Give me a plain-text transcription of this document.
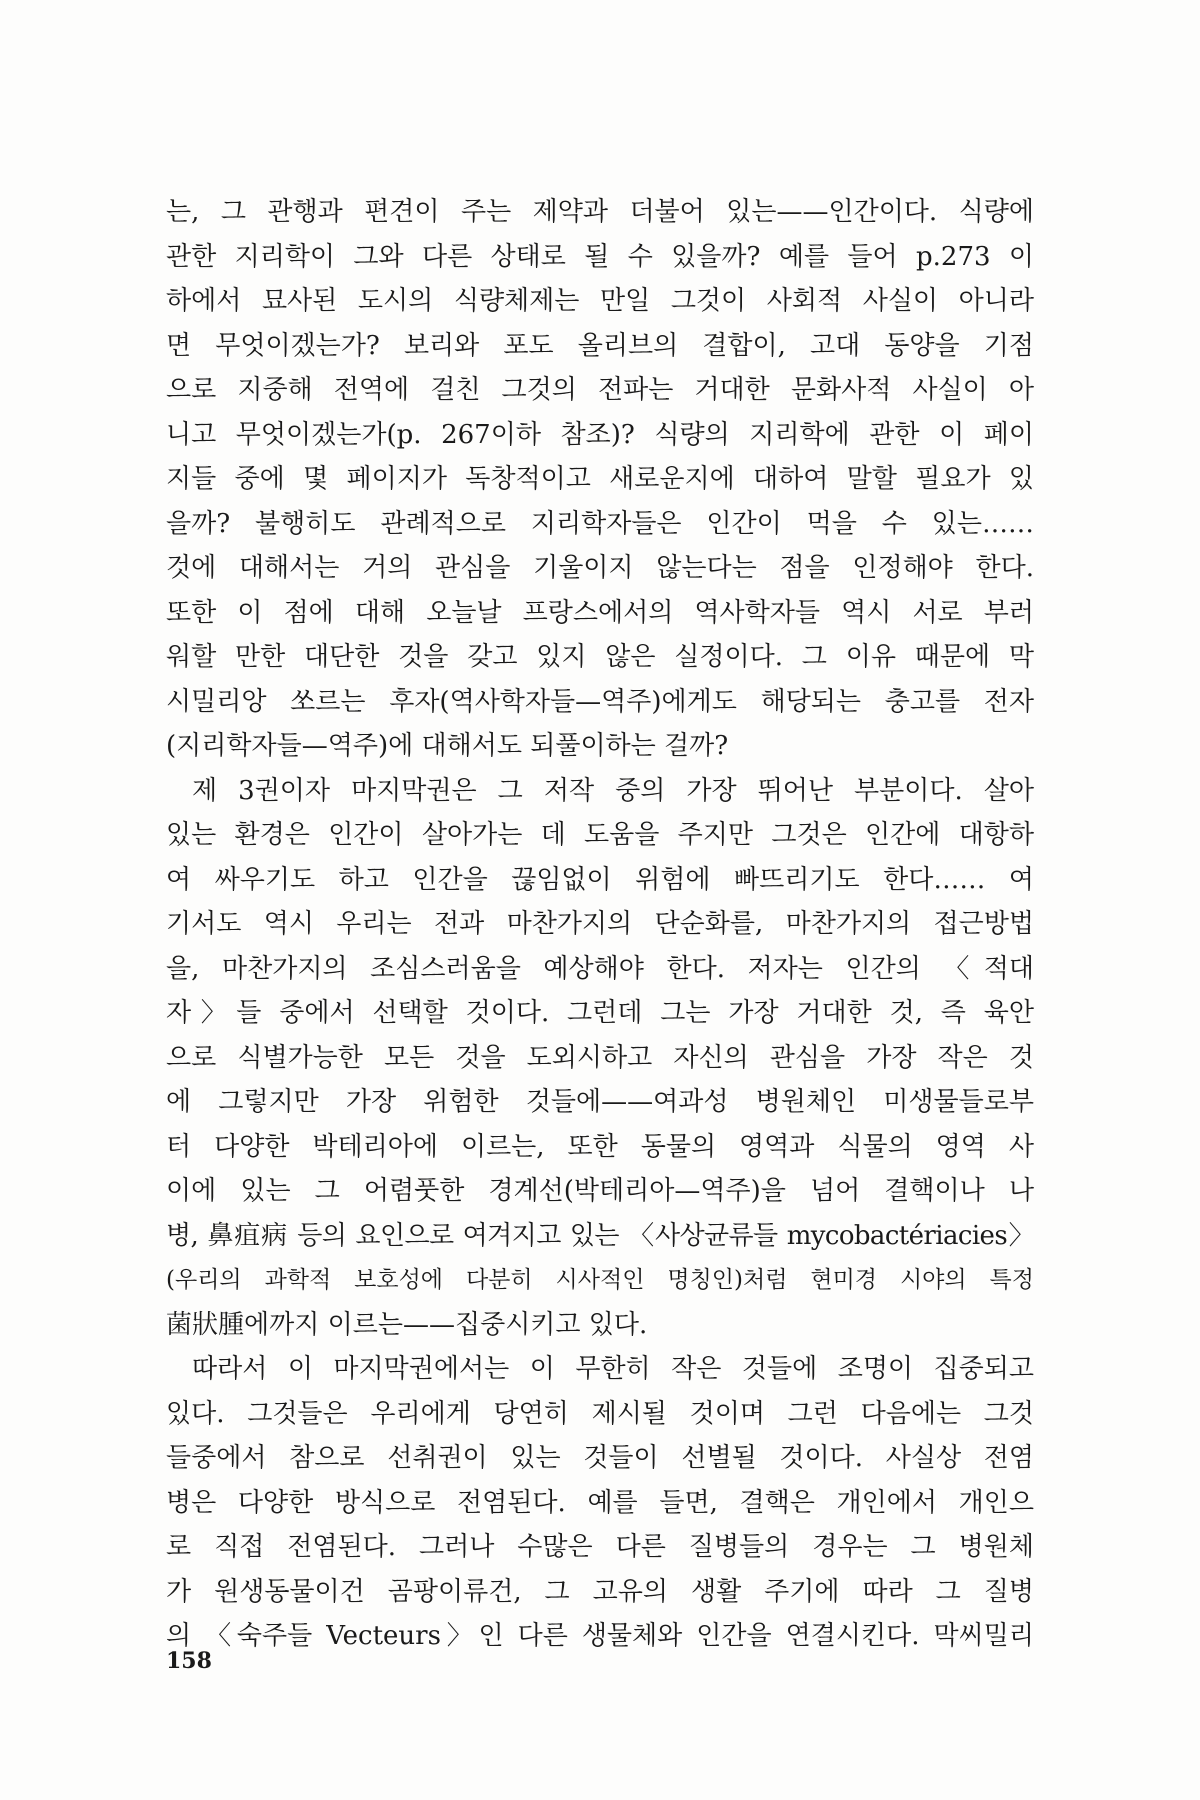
는, 그 관행과 편견이 주는 제약과 더불어 있는——인간이다. 식량에
관한 지리학이 그와 다른 상태로 될 수 있을까? 예를 들어 p.273 이
하에서 묘사된 도시의 식량체제는 만일 그것이 사회적 사실이 아니라
면 무엇이겠는가? 보리와 포도 올리브의 결합이, 고대 동양을 기점
으로 지중해 전역에 걸친 그것의 전파는 거대한 문화사적 사실이 아
니고 무엇이겠는가(p. 267이하 참조)? 식량의 지리학에 관한 이 페이
지들 중에 몇 페이지가 독창적이고 새로운지에 대하여 말할 필요가 있
을까? 불행히도 관례적으로 지리학자들은 인간이 먹을 수 있는……
것에 대해서는 거의 관심을 기울이지 않는다는 점을 인정해야 한다.
또한 이 점에 대해 오늘날 프랑스에서의 역사학자들 역시 서로 부러
워할 만한 대단한 것을 갖고 있지 않은 실정이다. 그 이유 때문에 막
시밀리앙 쏘르는 후자(역사학자들—역주)에게도 해당되는 충고를 전자
(지리학자들—역주)에 대해서도 되풀이하는 걸까?
제 3권이자 마지막권은 그 저작 중의 가장 뛰어난 부분이다. 살아
있는 환경은 인간이 살아가는 데 도움을 주지만 그것은 인간에 대항하
여 싸우기도 하고 인간을 끊임없이 위험에 빠뜨리기도 한다…… 여
기서도 역시 우리는 전과 마찬가지의 단순화를, 마찬가지의 접근방법
을, 마찬가지의 조심스러움을 예상해야 한다. 저자는 인간의 〈적대
자〉들 중에서 선택할 것이다. 그런데 그는 가장 거대한 것, 즉 육안
으로 식별가능한 모든 것을 도외시하고 자신의 관심을 가장 작은 것
에 그렇지만 가장 위험한 것들에——여과성 병원체인 미생물들로부
터 다양한 박테리아에 이르는, 또한 동물의 영역과 식물의 영역 사
이에 있는 그 어렴풋한 경계선(박테리아—역주)을 넘어 결핵이나 나
병, 鼻疽病 등의 요인으로 여겨지고 있는 〈사상균류들 mycobactériacies〉
(우리의 과학적 보호성에 다분히 시사적인 명칭인)처럼 현미경 시야의 특정
菌狀腫에까지 이르는——집중시키고 있다.
따라서 이 마지막권에서는 이 무한히 작은 것들에 조명이 집중되고
있다. 그것들은 우리에게 당연히 제시될 것이며 그런 다음에는 그것
들중에서 참으로 선취권이 있는 것들이 선별될 것이다. 사실상 전염
병은 다양한 방식으로 전염된다. 예를 들면, 결핵은 개인에서 개인으
로 직접 전염된다. 그러나 수많은 다른 질병들의 경우는 그 병원체
가 원생동물이건 곰팡이류건, 그 고유의 생활 주기에 따라 그 질병
의 〈숙주들 Vecteurs〉인 다른 생물체와 인간을 연결시킨다. 막씨밀리
158
